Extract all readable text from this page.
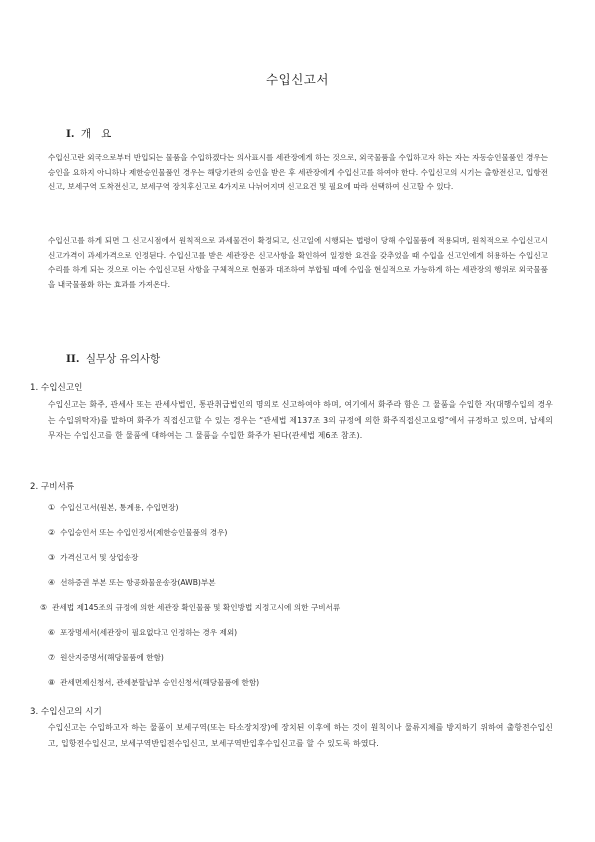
수입신고서
I. 개   요

수입신고란 외국으로부터 반입되는 물품을 수입하겠다는 의사표시를 세관장에게 하는 것으로, 외국물품을 수입하고자 하는 자는 자동승인물품인 경우는 승인을 요하지 아니하나 제한승인물품인 경우는 해당기관의 승인을 받은 후 세관장에게 수입신고를 하여야 한다. 수입신고의 시기는 출항전신고, 입항전신고, 보세구역 도착전신고, 보세구역 장치후신고로 4가지로 나뉘어지며 신고요건 및 필요에 따라 선택하여 신고할 수 있다.

수입신고를 하게 되면 그 신고시점에서 원칙적으로 과세물건이 확정되고, 신고일에 시행되는 법령이 당해 수입물품에 적용되며, 원칙적으로 수입신고시 신고가격이 과세가격으로 인정된다. 수입신고를 받은 세관장은 신고사항을 확인하여 일정한 요건을 갖추었을 때 수입을 신고인에게 허용하는 수입신고수리를 하게 되는 것으로 이는 수입신고된 사항을 구체적으로 현품과 대조하여 부합될 때에 수입을 현실적으로 가능하게 하는 세관장의 행위로 외국물품을 내국물품화 하는 효과를 가져온다.

II. 실무상 유의사항
1. 수입신고인

수입신고는 화주, 관세사 또는 관세사법인, 통관취급법인의 명의로 신고하여야 하며, 여기에서 화주라 함은 그 물품을 수입한 자(대행수입의 경우는 수입위탁자)를 말하며 화주가 직접신고할 수 있는 경우는 “관세법 제137조 3의 규정에 의한 화주직접신고요령”에서 규정하고 있으며, 납세의무자는 수입신고를 한 물품에 대하여는 그 물품을 수입한 화주가 된다(관세법 제6조 참조).

2. 구비서류
① 수입신고서(원본, 통계용, 수입면장)
② 수입승인서 또는 수입인정서(제한승인물품의 경우)
③ 가격신고서 및 상업송장
④ 선하증권 부본 또는 항공화물운송장(AWB)부본
⑤ 관세법 제145조의 규정에 의한 세관장 확인물품 및 확인방법 지정고시에 의한 구비서류
⑥ 포장명세서(세관장이 필요없다고 인정하는 경우 제외)
⑦ 원산지증명서(해당물품에 한함)
⑧ 관세면제신청서, 관세분할납부 승인신청서(해당물품에 한함)
3. 수입신고의 시기

수입신고는 수입하고자 하는 물품이 보세구역(또는 타소장치장)에 장치된 이후에 하는 것이 원칙이나 물류지체를 방지하기 위하여 출항전수입신고, 입항전수입신고, 보세구역반입전수입신고, 보세구역반입후수입신고를 할 수 있도록 하였다.
